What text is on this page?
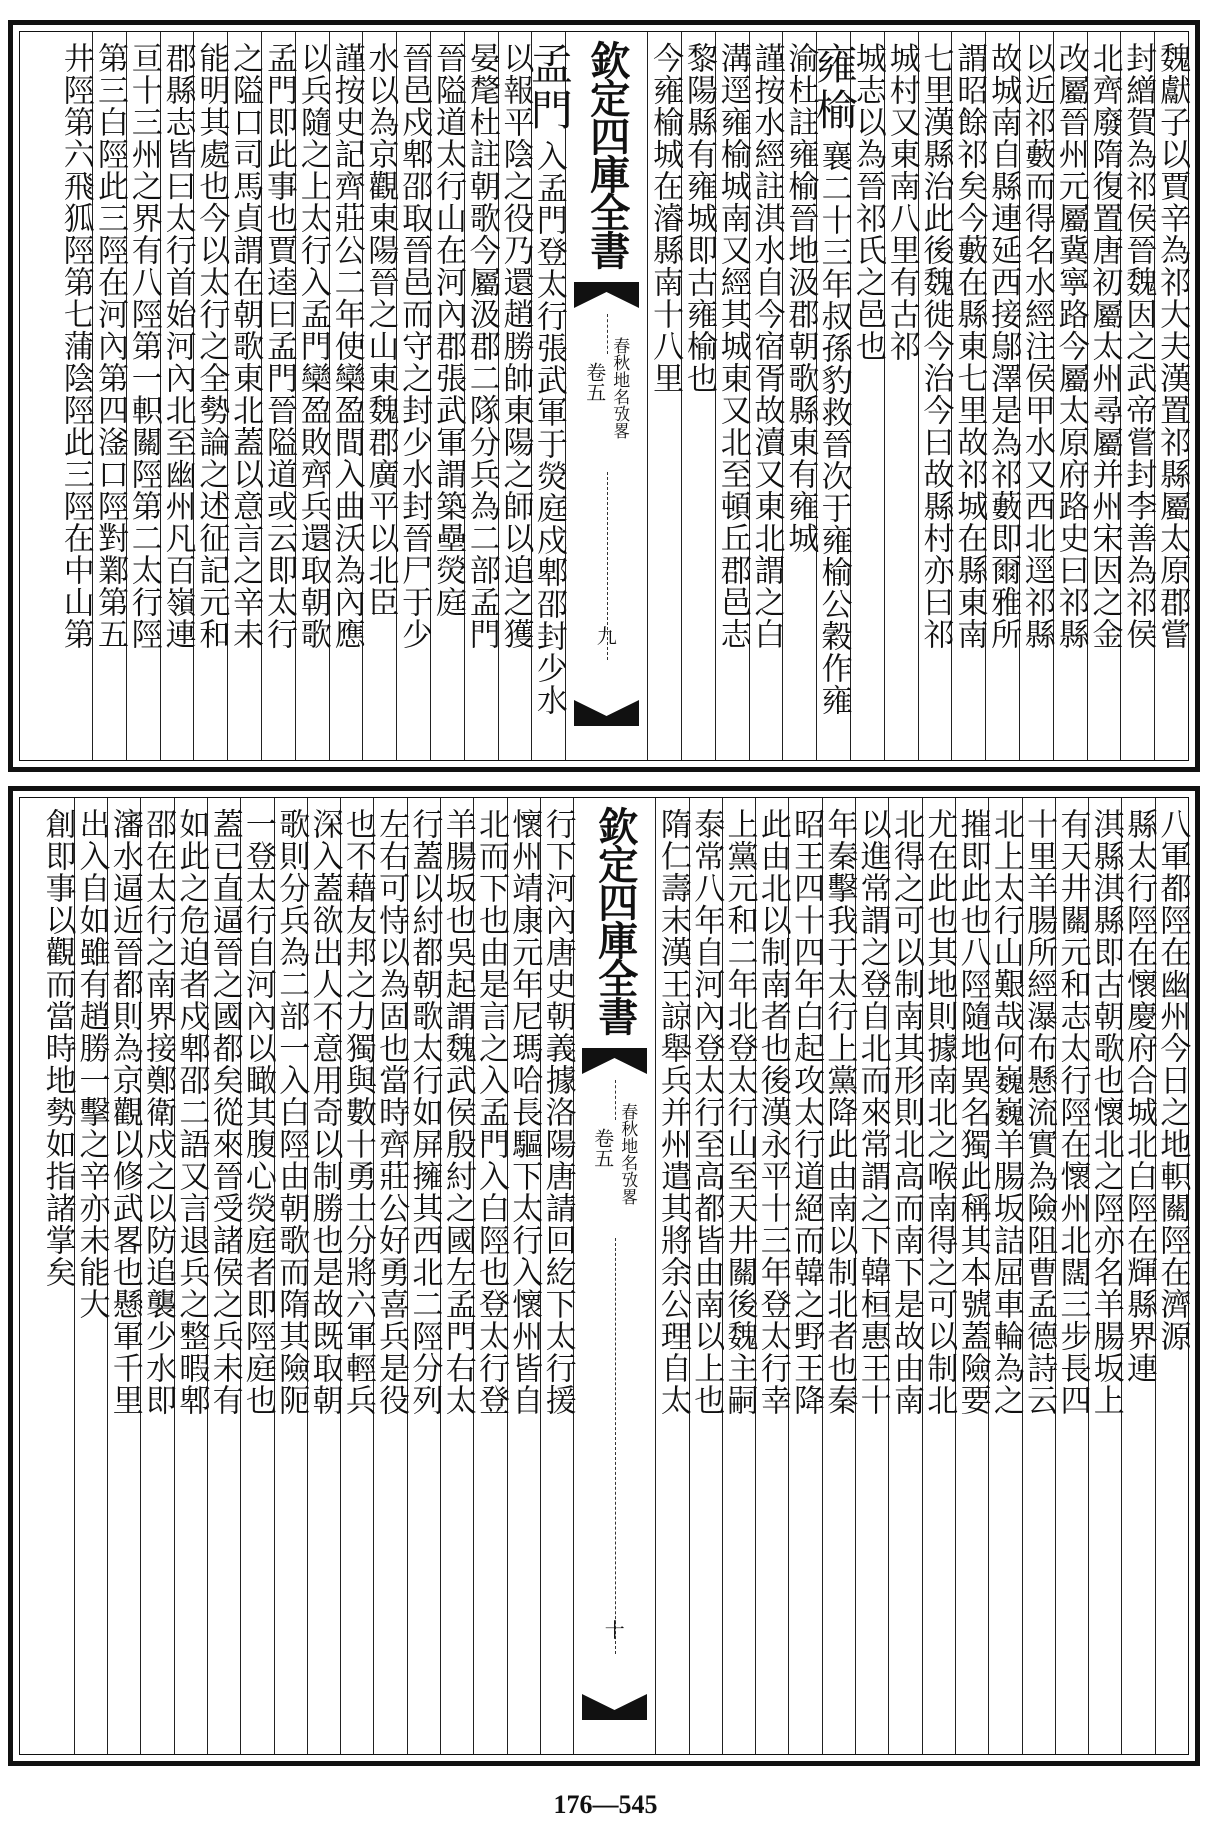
魏獻子以賈辛為祁大夫漢置祁縣屬太原郡嘗
封繒賀為祁侯晉魏因之武帝嘗封李善為祁侯
北齊廢隋復置唐初屬太州尋屬并州宋因之金
改屬晉州元屬冀寧路今屬太原府路史曰祁縣
以近祁藪而得名水經注侯甲水又西北逕祁縣
故城南自縣連延西接鄔澤是為祁藪即爾雅所
謂昭餘祁矣今藪在縣東七里故祁城在縣東南
七里漢縣治此後魏徙今治今曰故縣村亦曰祁
城村又東南八里有古祁
城志以為晉祁氏之邑也
雍榆襄二十三年叔孫豹救晉次于雍榆公穀作雍
渝杜註雍榆晉地汲郡朝歌縣東有雍城
謹按水經註淇水自今宿胥故瀆又東北謂之白
溝逕雍榆城南又經其城東又北至頓丘郡邑志
黎陽縣有雍城即古雍榆也
今雍榆城在濬縣南十八里
欽定四庫全書
卷五 春秋地名攷畧
九
孟門入孟門登太行張武軍于熒庭戍郫邵封少水
以報平陰之役乃還趙勝帥東陽之師以追之獲
晏氂杜註朝歌今屬汲郡二隊分兵為二部孟門
晉隘道太行山在河內郡張武軍謂築壘熒庭
晉邑戍郫邵取晉邑而守之封少水封晉尸于少
水以為京觀東陽晉之山東魏郡廣平以北臣
謹按史記齊莊公二年使欒盈間入曲沃為內應
以兵隨之上太行入孟門欒盈敗齊兵還取朝歌
孟門即此事也賈逵曰孟門晉隘道或云即太行
之隘口司馬貞謂在朝歌東北蓋以意言之辛未
能明其處也今以太行之全勢論之述征記元和
郡縣志皆曰太行首始河內北至幽州凡百嶺連
亘十三州之界有八陘第一軹關陘第二太行陘
第三白陘此三陘在河內第四滏口陘對鄴第五
井陘第六飛狐陘第七蒲陰陘此三陘在中山第
八軍都陘在幽州今日之地軹關陘在濟源
縣太行陘在懷慶府合城北白陘在輝縣界連
淇縣淇縣即古朝歌也懷北之陘亦名羊腸坂上
有天井關元和志太行陘在懷州北闊三步長四
十里羊腸所經瀑布懸流實為險阻曹孟德詩云
北上太行山艱哉何巍巍羊腸坂詰屈車輪為之
摧即此也八陘隨地異名獨此稱其本號蓋險要
尤在此也其地則據南北之喉南得之可以制北
北得之可以制南其形則北高而南下是故由南
以進常謂之登自北而來常謂之下韓桓惠王十
年秦擊我于太行上黨降此由南以制北者也秦
昭王四十四年白起攻太行道絕而韓之野王降
此由北以制南者也後漢永平十三年登太行幸
上黨元和二年北登太行山至天井關後魏主嗣
泰常八年自河內登太行至高都皆由南以上也
隋仁壽末漢王諒舉兵并州遣其將余公理自太
欽定四庫全書
卷五 春秋地名攷畧
十
行下河內唐史朝義據洛陽唐請回紇下太行援
懷州靖康元年尼瑪哈長驅下太行入懷州皆自
北而下也由是言之入孟門入白陘也登太行登
羊腸坂也吳起謂魏武侯殷紂之國左孟門右太
行蓋以紂都朝歌太行如屏擁其西北二陘分列
左右可恃以為固也當時齊莊公好勇喜兵是役
也不藉友邦之力獨與數十勇士分將六軍輕兵
深入蓋欲出人不意用奇以制勝也是故既取朝
歌則分兵為二部一入白陘由朝歌而隋其險阨
一登太行自河內以瞰其腹心熒庭者即陘庭也
蓋已直逼晉之國都矣從來晉受諸侯之兵未有
如此之危迫者戍郫邵二語又言退兵之整暇郫
邵在太行之南界接鄭衛戍之以防追襲少水即
瀋水逼近晉都則為京觀以修武畧也懸軍千里
出入自如雖有趙勝一擊之辛亦未能大
創即事以觀而當時地勢如指諸掌矣
176—545
